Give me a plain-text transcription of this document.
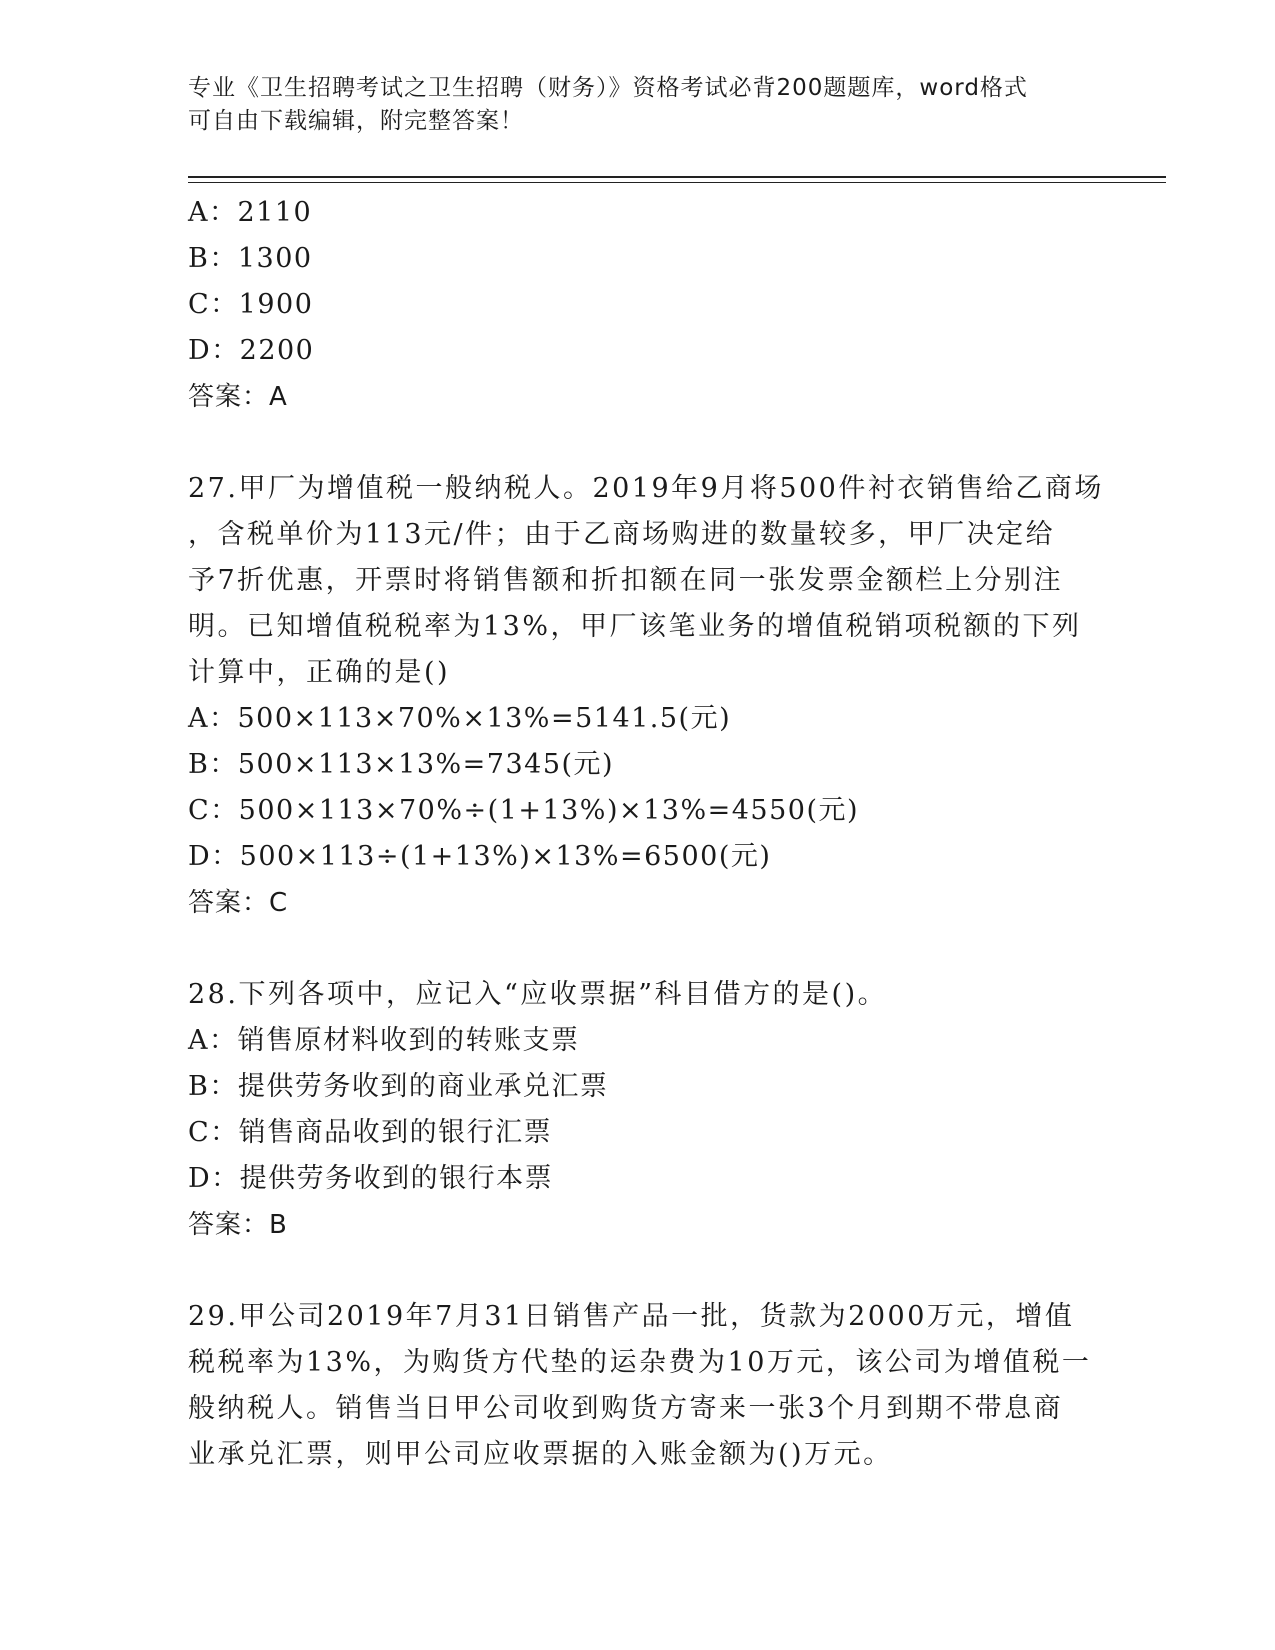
专业《卫生招聘考试之卫生招聘（财务）》资格考试必背200题题库，word格式
可自由下载编辑，附完整答案！
A：2110
B：1300
C：1900
D：2200
答案：A
27.甲厂为增值税一般纳税人。2019年9月将500件衬衣销售给乙商场
，含税单价为113元/件；由于乙商场购进的数量较多，甲厂决定给
予7折优惠，开票时将销售额和折扣额在同一张发票金额栏上分别注
明。已知增值税税率为13%，甲厂该笔业务的增值税销项税额的下列
计算中，正确的是()
A：500×113×70%×13%=5141.5(元)
B：500×113×13%=7345(元)
C：500×113×70%÷(1+13%)×13%=4550(元)
D：500×113÷(1+13%)×13%=6500(元)
答案：C
28.下列各项中，应记入“应收票据”科目借方的是()。
A：销售原材料收到的转账支票
B：提供劳务收到的商业承兑汇票
C：销售商品收到的银行汇票
D：提供劳务收到的银行本票
答案：B
29.甲公司2019年7月31日销售产品一批，货款为2000万元，增值
税税率为13%，为购货方代垫的运杂费为10万元，该公司为增值税一
般纳税人。销售当日甲公司收到购货方寄来一张3个月到期不带息商
业承兑汇票，则甲公司应收票据的入账金额为()万元。
